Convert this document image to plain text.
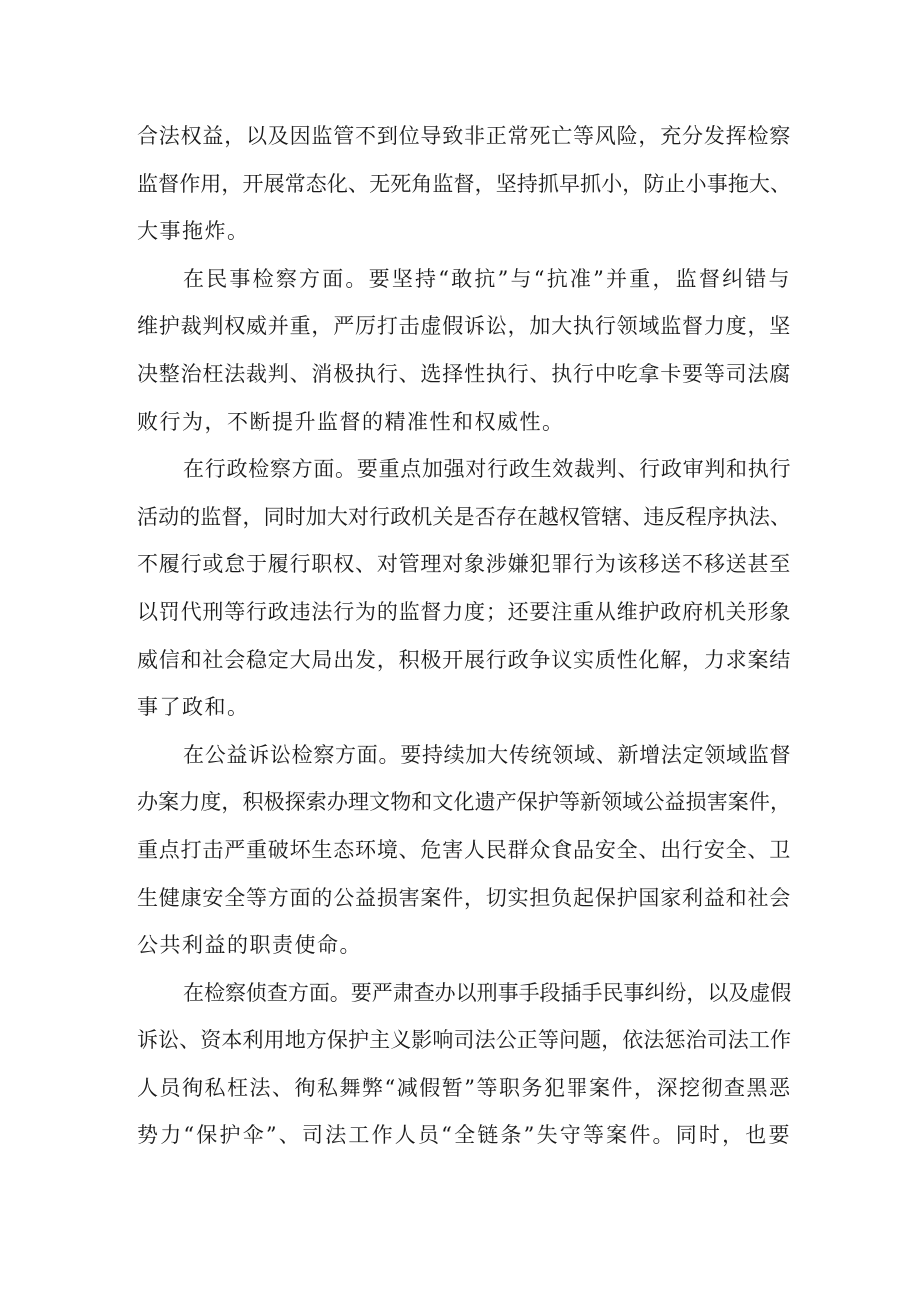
合法权益，以及因监管不到位导致非正常死亡等风险，充分发挥检察
监督作用，开展常态化、无死角监督，坚持抓早抓小，防止小事拖大、
大事拖炸。

在民事检察方面。要坚持“敢抗”与“抗准”并重，监督纠错与
维护裁判权威并重，严厉打击虚假诉讼，加大执行领域监督力度，坚
决整治枉法裁判、消极执行、选择性执行、执行中吃拿卡要等司法腐
败行为，不断提升监督的精准性和权威性。

在行政检察方面。要重点加强对行政生效裁判、行政审判和执行
活动的监督，同时加大对行政机关是否存在越权管辖、违反程序执法、
不履行或怠于履行职权、对管理对象涉嫌犯罪行为该移送不移送甚至
以罚代刑等行政违法行为的监督力度；还要注重从维护政府机关形象
威信和社会稳定大局出发，积极开展行政争议实质性化解，力求案结
事了政和。

在公益诉讼检察方面。要持续加大传统领域、新增法定领域监督
办案力度，积极探索办理文物和文化遗产保护等新领域公益损害案件，
重点打击严重破坏生态环境、危害人民群众食品安全、出行安全、卫
生健康安全等方面的公益损害案件，切实担负起保护国家利益和社会
公共利益的职责使命。

在检察侦查方面。要严肃查办以刑事手段插手民事纠纷，以及虚假
诉讼、资本利用地方保护主义影响司法公正等问题，依法惩治司法工作
人员徇私枉法、徇私舞弊“减假暂”等职务犯罪案件，深挖彻查黑恶
势力“保护伞”、司法工作人员“全链条”失守等案件。同时，也要
